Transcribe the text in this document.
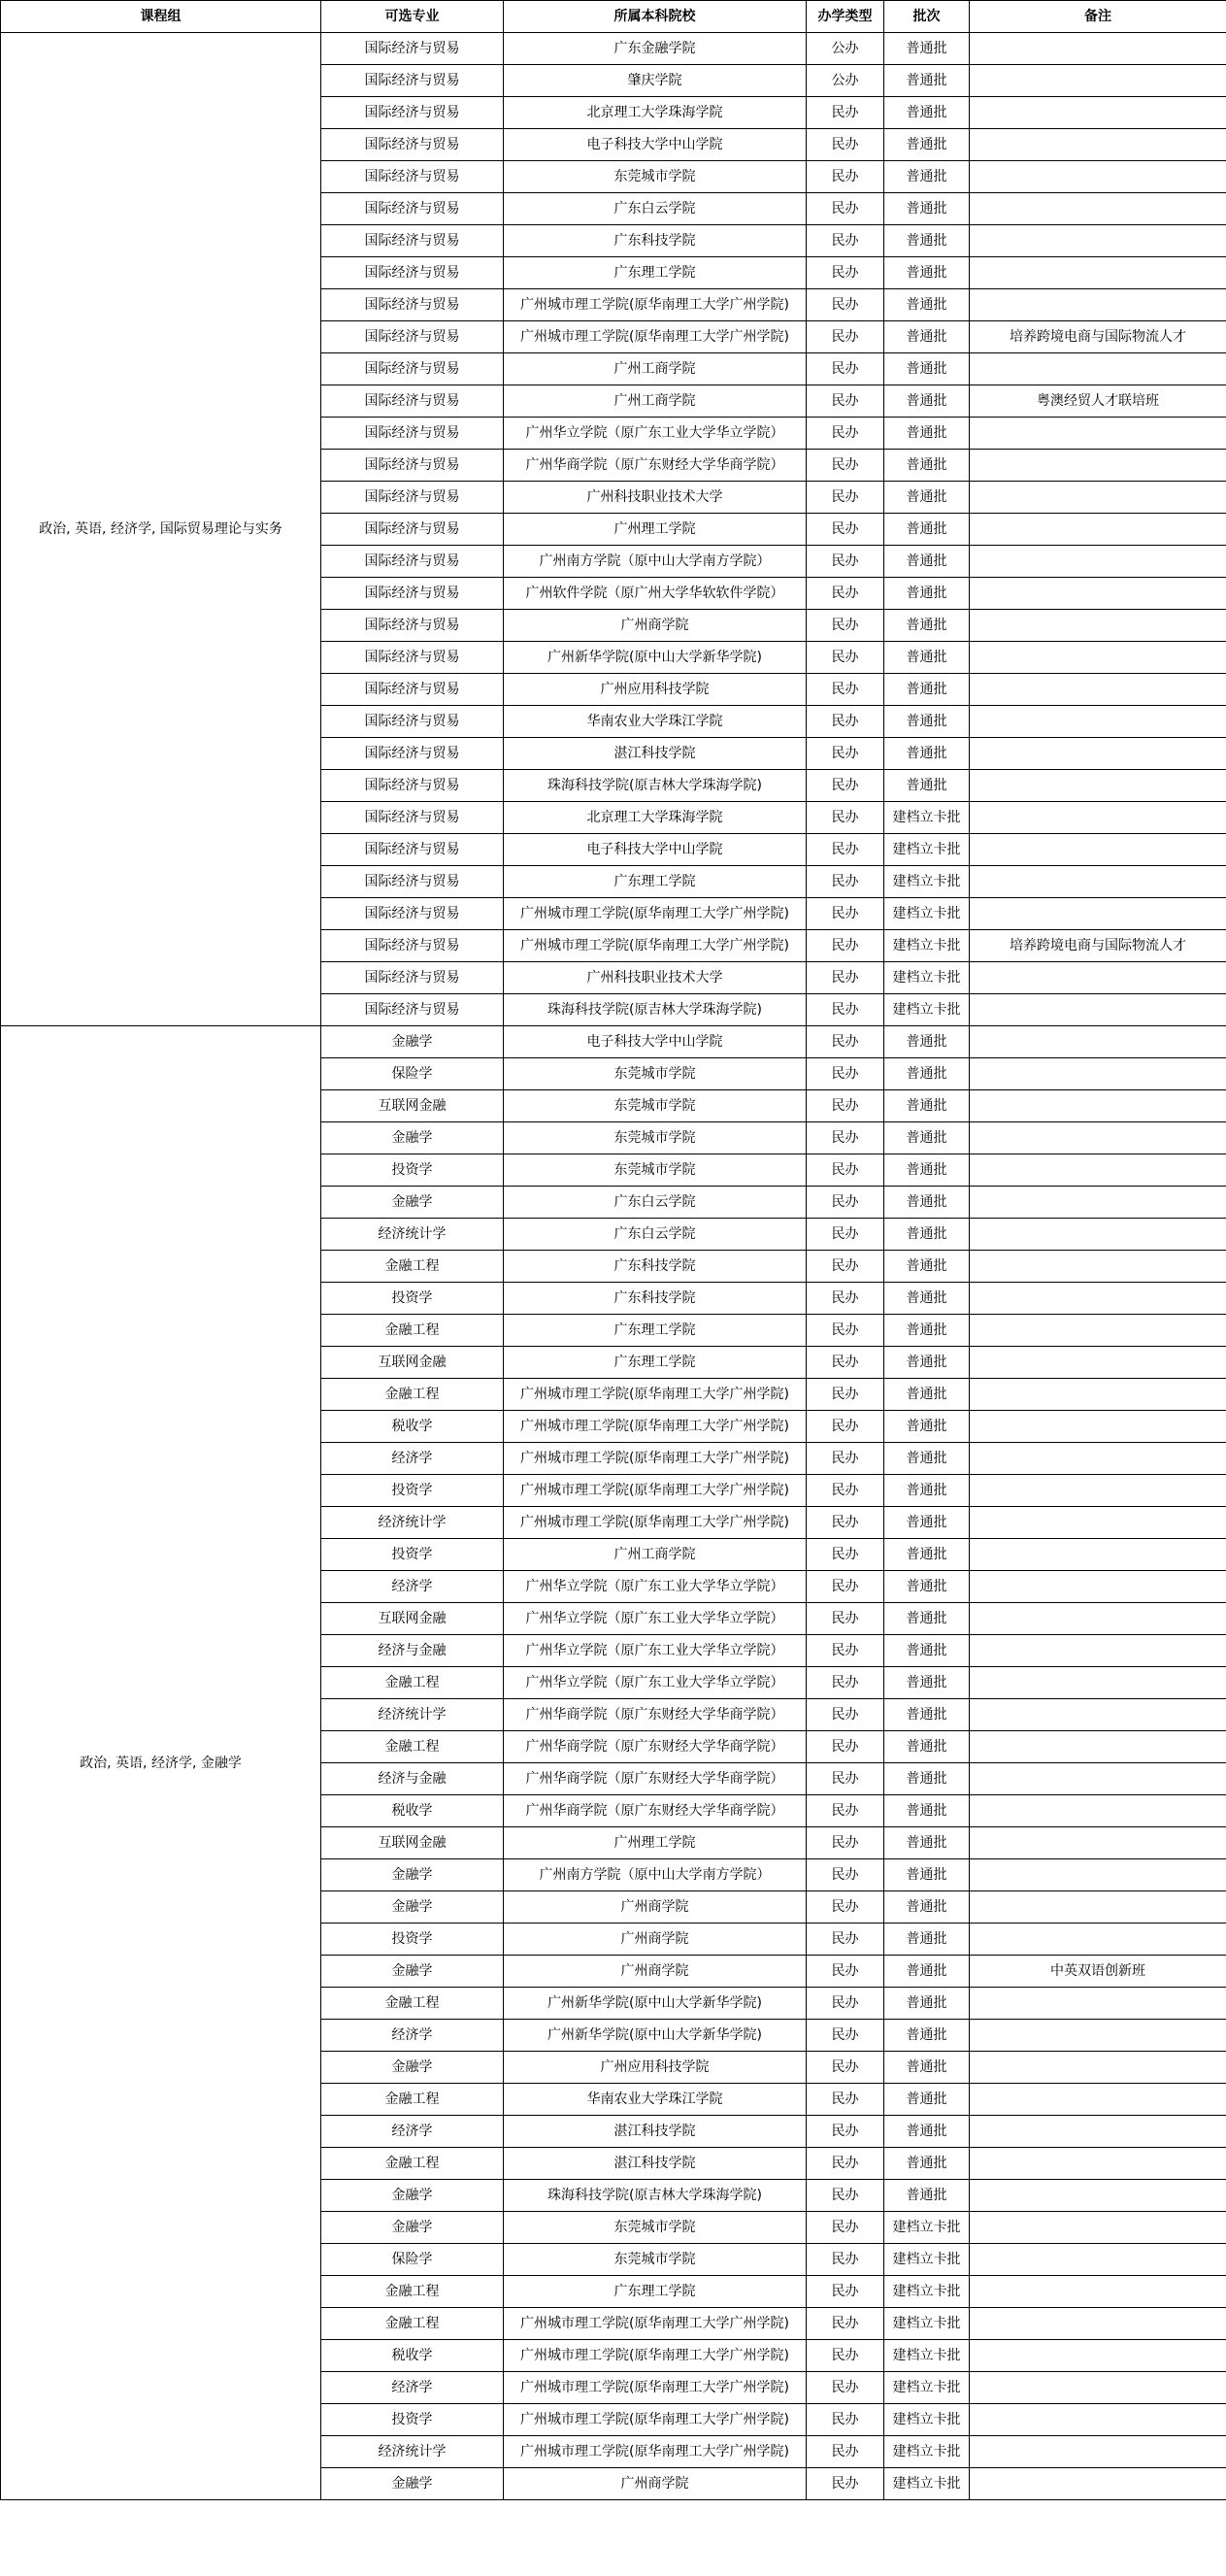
课程组	可选专业	所属本科院校	办学类型	批次	备注
政治, 英语, 经济学, 国际贸易理论与实务	国际经济与贸易	广东金融学院	公办	普通批	
	国际经济与贸易	肇庆学院	公办	普通批	
	国际经济与贸易	北京理工大学珠海学院	民办	普通批	
	国际经济与贸易	电子科技大学中山学院	民办	普通批	
	国际经济与贸易	东莞城市学院	民办	普通批	
	国际经济与贸易	广东白云学院	民办	普通批	
	国际经济与贸易	广东科技学院	民办	普通批	
	国际经济与贸易	广东理工学院	民办	普通批	
	国际经济与贸易	广州城市理工学院(原华南理工大学广州学院)	民办	普通批	
	国际经济与贸易	广州城市理工学院(原华南理工大学广州学院)	民办	普通批	培养跨境电商与国际物流人才
	国际经济与贸易	广州工商学院	民办	普通批	
	国际经济与贸易	广州工商学院	民办	普通批	粤澳经贸人才联培班
	国际经济与贸易	广州华立学院（原广东工业大学华立学院）	民办	普通批	
	国际经济与贸易	广州华商学院（原广东财经大学华商学院）	民办	普通批	
	国际经济与贸易	广州科技职业技术大学	民办	普通批	
	国际经济与贸易	广州理工学院	民办	普通批	
	国际经济与贸易	广州南方学院（原中山大学南方学院）	民办	普通批	
	国际经济与贸易	广州软件学院（原广州大学华软软件学院）	民办	普通批	
	国际经济与贸易	广州商学院	民办	普通批	
	国际经济与贸易	广州新华学院(原中山大学新华学院)	民办	普通批	
	国际经济与贸易	广州应用科技学院	民办	普通批	
	国际经济与贸易	华南农业大学珠江学院	民办	普通批	
	国际经济与贸易	湛江科技学院	民办	普通批	
	国际经济与贸易	珠海科技学院(原吉林大学珠海学院)	民办	普通批	
	国际经济与贸易	北京理工大学珠海学院	民办	建档立卡批	
	国际经济与贸易	电子科技大学中山学院	民办	建档立卡批	
	国际经济与贸易	广东理工学院	民办	建档立卡批	
	国际经济与贸易	广州城市理工学院(原华南理工大学广州学院)	民办	建档立卡批	
	国际经济与贸易	广州城市理工学院(原华南理工大学广州学院)	民办	建档立卡批	培养跨境电商与国际物流人才
	国际经济与贸易	广州科技职业技术大学	民办	建档立卡批	
	国际经济与贸易	珠海科技学院(原吉林大学珠海学院)	民办	建档立卡批	
政治, 英语, 经济学, 金融学	金融学	电子科技大学中山学院	民办	普通批	
	保险学	东莞城市学院	民办	普通批	
	互联网金融	东莞城市学院	民办	普通批	
	金融学	东莞城市学院	民办	普通批	
	投资学	东莞城市学院	民办	普通批	
	金融学	广东白云学院	民办	普通批	
	经济统计学	广东白云学院	民办	普通批	
	金融工程	广东科技学院	民办	普通批	
	投资学	广东科技学院	民办	普通批	
	金融工程	广东理工学院	民办	普通批	
	互联网金融	广东理工学院	民办	普通批	
	金融工程	广州城市理工学院(原华南理工大学广州学院)	民办	普通批	
	税收学	广州城市理工学院(原华南理工大学广州学院)	民办	普通批	
	经济学	广州城市理工学院(原华南理工大学广州学院)	民办	普通批	
	投资学	广州城市理工学院(原华南理工大学广州学院)	民办	普通批	
	经济统计学	广州城市理工学院(原华南理工大学广州学院)	民办	普通批	
	投资学	广州工商学院	民办	普通批	
	经济学	广州华立学院（原广东工业大学华立学院）	民办	普通批	
	互联网金融	广州华立学院（原广东工业大学华立学院）	民办	普通批	
	经济与金融	广州华立学院（原广东工业大学华立学院）	民办	普通批	
	金融工程	广州华立学院（原广东工业大学华立学院）	民办	普通批	
	经济统计学	广州华商学院（原广东财经大学华商学院）	民办	普通批	
	金融工程	广州华商学院（原广东财经大学华商学院）	民办	普通批	
	经济与金融	广州华商学院（原广东财经大学华商学院）	民办	普通批	
	税收学	广州华商学院（原广东财经大学华商学院）	民办	普通批	
	互联网金融	广州理工学院	民办	普通批	
	金融学	广州南方学院（原中山大学南方学院）	民办	普通批	
	金融学	广州商学院	民办	普通批	
	投资学	广州商学院	民办	普通批	
	金融学	广州商学院	民办	普通批	中英双语创新班
	金融工程	广州新华学院(原中山大学新华学院)	民办	普通批	
	经济学	广州新华学院(原中山大学新华学院)	民办	普通批	
	金融学	广州应用科技学院	民办	普通批	
	金融工程	华南农业大学珠江学院	民办	普通批	
	经济学	湛江科技学院	民办	普通批	
	金融工程	湛江科技学院	民办	普通批	
	金融学	珠海科技学院(原吉林大学珠海学院)	民办	普通批	
	金融学	东莞城市学院	民办	建档立卡批	
	保险学	东莞城市学院	民办	建档立卡批	
	金融工程	广东理工学院	民办	建档立卡批	
	金融工程	广州城市理工学院(原华南理工大学广州学院)	民办	建档立卡批	
	税收学	广州城市理工学院(原华南理工大学广州学院)	民办	建档立卡批	
	经济学	广州城市理工学院(原华南理工大学广州学院)	民办	建档立卡批	
	投资学	广州城市理工学院(原华南理工大学广州学院)	民办	建档立卡批	
	经济统计学	广州城市理工学院(原华南理工大学广州学院)	民办	建档立卡批	
	金融学	广州商学院	民办	建档立卡批	
